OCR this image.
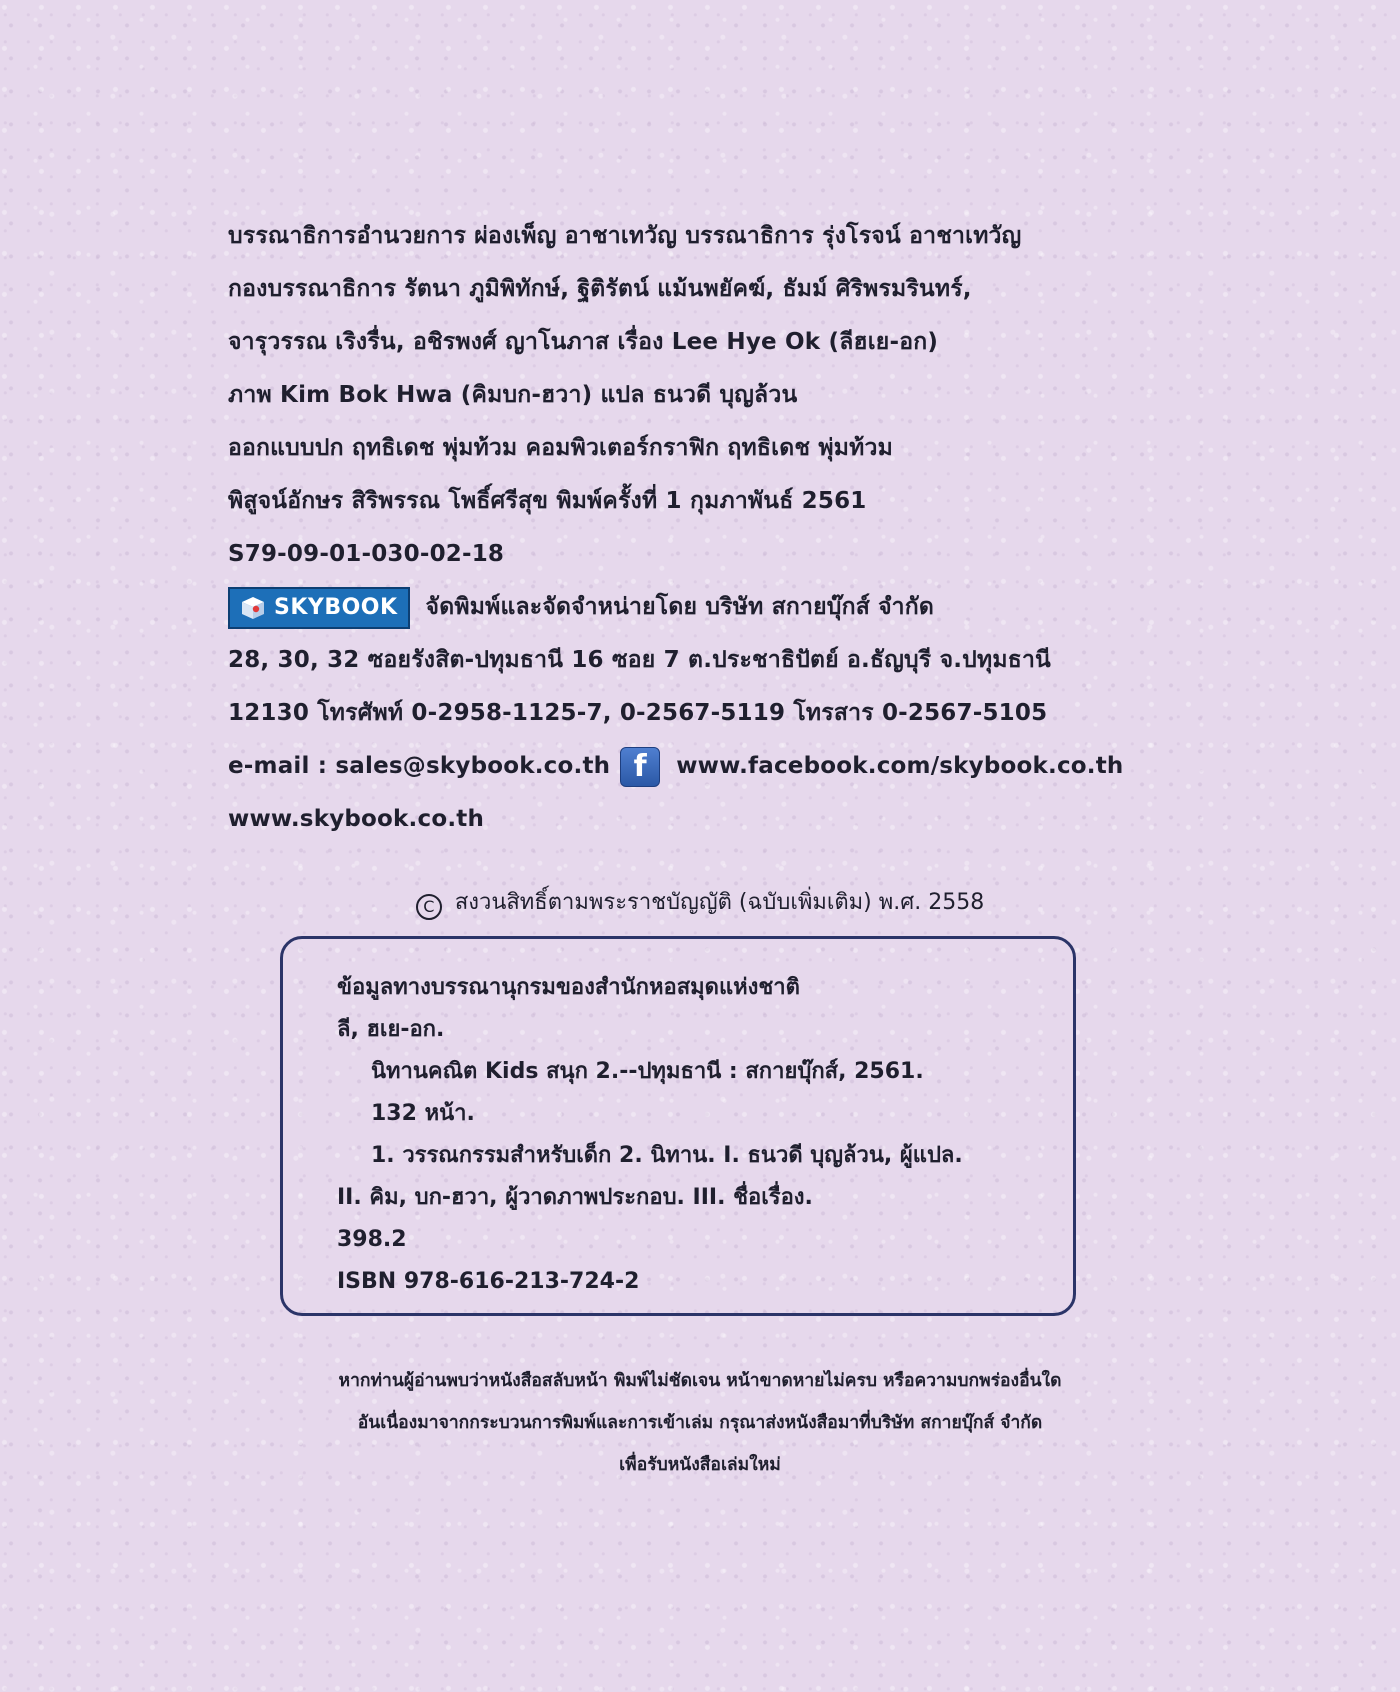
บรรณาธิการอำนวยการ ผ่องเพ็ญ อาชาเทวัญ บรรณาธิการ รุ่งโรจน์ อาชาเทวัญ
กองบรรณาธิการ รัตนา ภูมิพิทักษ์, ฐิติรัตน์ แม้นพยัคฆ์, ธัมม์ ศิริพรมรินทร์,
จารุวรรณ เริงรื่น, อชิรพงศ์ ญาโนภาส เรื่อง Lee Hye Ok (ลีฮเย-อก)
ภาพ Kim Bok Hwa (คิมบก-ฮวา) แปล ธนวดี บุญล้วน
ออกแบบปก ฤทธิเดช พุ่มท้วม คอมพิวเตอร์กราฟิก ฤทธิเดช พุ่มท้วม
พิสูจน์อักษร สิริพรรณ โพธิ์ศรีสุข พิมพ์ครั้งที่ 1 กุมภาพันธ์ 2561
S79-09-01-030-02-18
SKYBOOK จัดพิมพ์และจัดจำหน่ายโดย บริษัท สกายบุ๊กส์ จำกัด
28, 30, 32 ซอยรังสิต-ปทุมธานี 16 ซอย 7 ต.ประชาธิปัตย์ อ.ธัญบุรี จ.ปทุมธานี
12130 โทรศัพท์ 0-2958-1125-7, 0-2567-5119 โทรสาร 0-2567-5105
e-mail : sales@skybook.co.th f	www.facebook.com/skybook.co.th
www.skybook.co.th
C สงวนสิทธิ์ตามพระราชบัญญัติ (ฉบับเพิ่มเติม) พ.ศ. 2558
ข้อมูลทางบรรณานุกรมของสำนักหอสมุดแห่งชาติ
ลี, ฮเย-อก.
นิทานคณิต Kids สนุก 2.--ปทุมธานี : สกายบุ๊กส์, 2561.
132 หน้า.
1. วรรณกรรมสำหรับเด็ก 2. นิทาน. I. ธนวดี บุญล้วน, ผู้แปล.
II. คิม, บก-ฮวา, ผู้วาดภาพประกอบ. III. ชื่อเรื่อง.
398.2
ISBN 978-616-213-724-2
หากท่านผู้อ่านพบว่าหนังสือสลับหน้า พิมพ์ไม่ชัดเจน หน้าขาดหายไม่ครบ หรือความบกพร่องอื่นใด
อันเนื่องมาจากกระบวนการพิมพ์และการเข้าเล่ม กรุณาส่งหนังสือมาที่บริษัท สกายบุ๊กส์ จำกัด
เพื่อรับหนังสือเล่มใหม่
